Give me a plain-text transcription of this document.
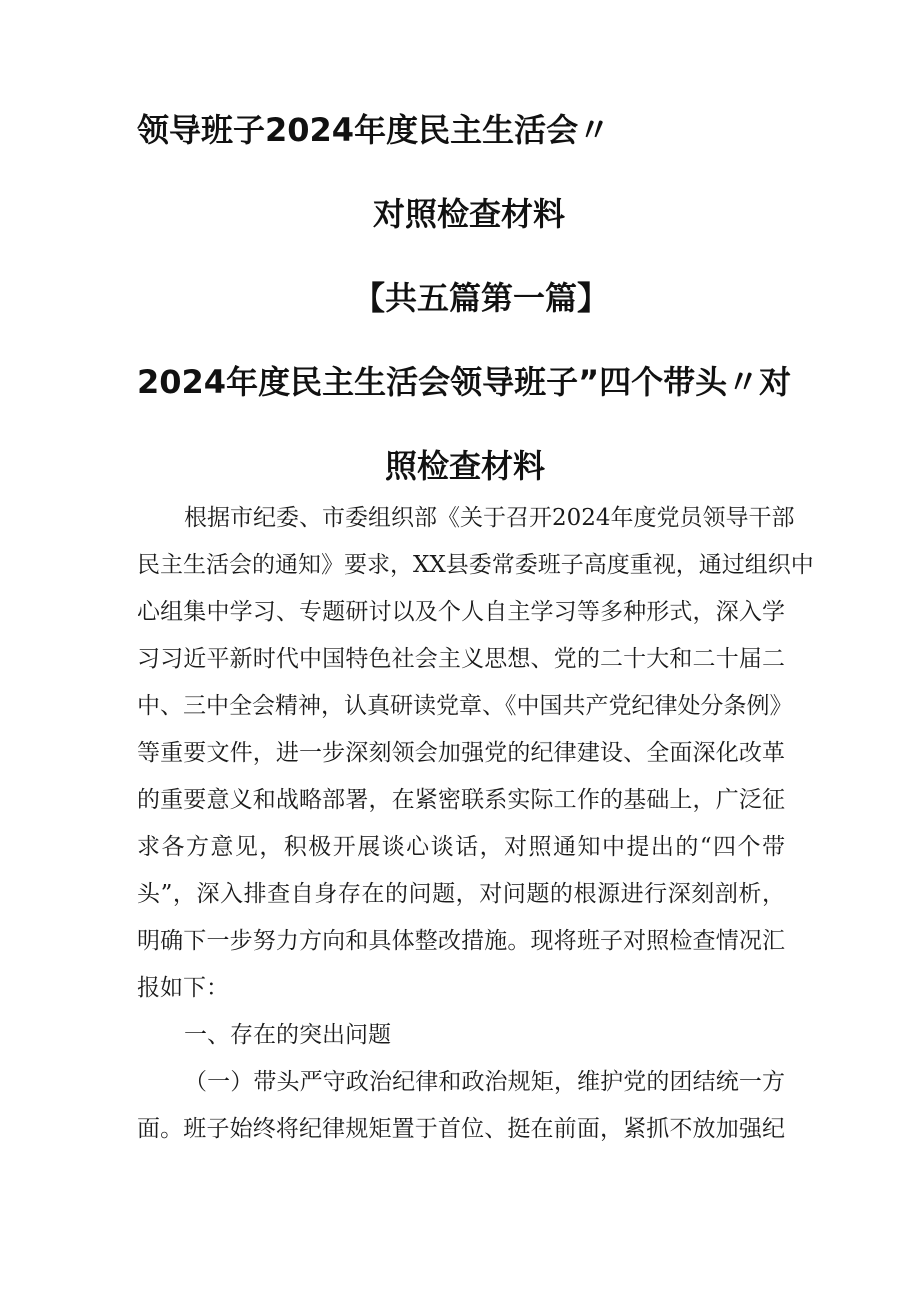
领导班子2024年度民主生活会〃
对照检查材料
【共五篇第一篇】
2024年度民主生活会领导班子”四个带头〃对
照检查材料
根据市纪委、市委组织部《关于召开2024年度党员领导干部
民主生活会的通知》要求，XX县委常委班子高度重视，通过组织中
心组集中学习、专题研讨以及个人自主学习等多种形式，深入学
习习近平新时代中国特色社会主义思想、党的二十大和二十届二
中、三中全会精神，认真研读党章、《中国共产党纪律处分条例》
等重要文件，进一步深刻领会加强党的纪律建设、全面深化改革
的重要意义和战略部署，在紧密联系实际工作的基础上，广泛征
求各方意见，积极开展谈心谈话，对照通知中提出的“四个带
头”，深入排查自身存在的问题，对问题的根源进行深刻剖析，
明确下一步努力方向和具体整改措施。现将班子对照检查情况汇
报如下：
一、存在的突出问题
（一）带头严守政治纪律和政治规矩，维护党的团结统一方
面。班子始终将纪律规矩置于首位、挺在前面，紧抓不放加强纪
